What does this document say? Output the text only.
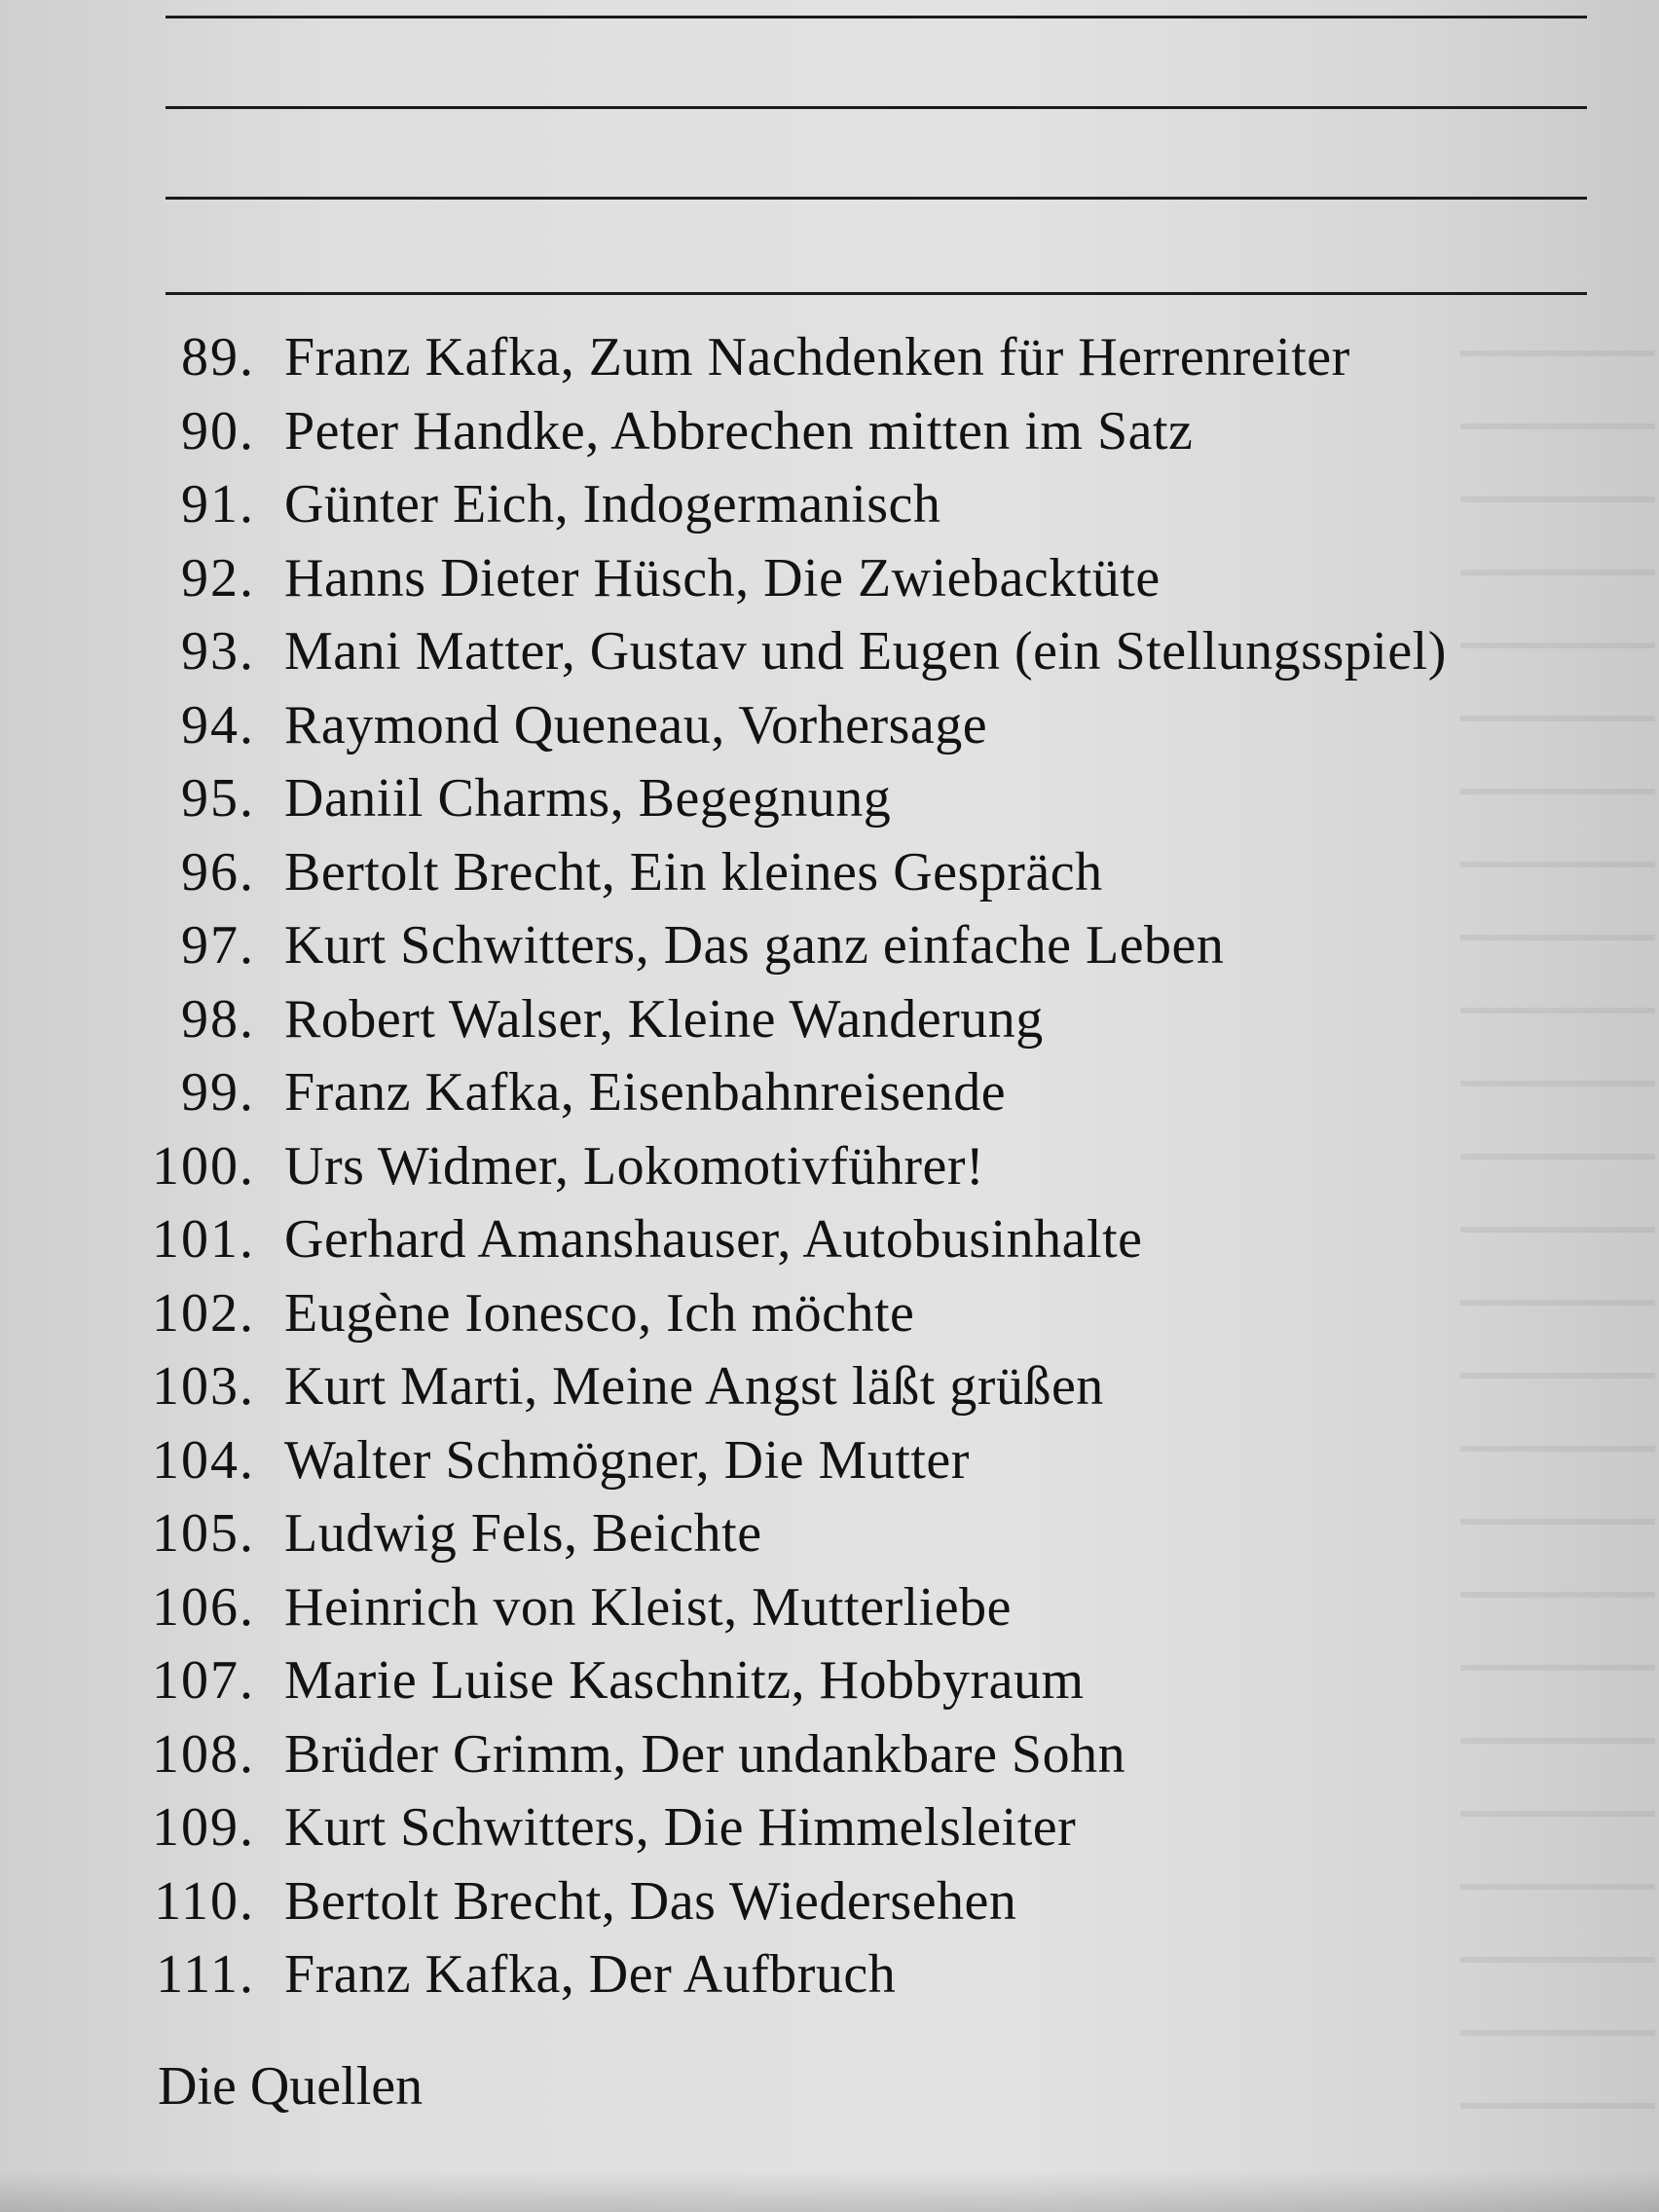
89. Franz Kafka, Zum Nachdenken für Herrenreiter
90. Peter Handke, Abbrechen mitten im Satz
91. Günter Eich, Indogermanisch
92. Hanns Dieter Hüsch, Die Zwiebacktüte
93. Mani Matter, Gustav und Eugen (ein Stellungsspiel)
94. Raymond Queneau, Vorhersage
95. Daniil Charms, Begegnung
96. Bertolt Brecht, Ein kleines Gespräch
97. Kurt Schwitters, Das ganz einfache Leben
98. Robert Walser, Kleine Wanderung
99. Franz Kafka, Eisenbahnreisende
100. Urs Widmer, Lokomotivführer!
101. Gerhard Amanshauser, Autobusinhalte
102. Eugène Ionesco, Ich möchte
103. Kurt Marti, Meine Angst läßt grüßen
104. Walter Schmögner, Die Mutter
105. Ludwig Fels, Beichte
106. Heinrich von Kleist, Mutterliebe
107. Marie Luise Kaschnitz, Hobbyraum
108. Brüder Grimm, Der undankbare Sohn
109. Kurt Schwitters, Die Himmelsleiter
110. Bertolt Brecht, Das Wiedersehen
111. Franz Kafka, Der Aufbruch
Die Quellen
